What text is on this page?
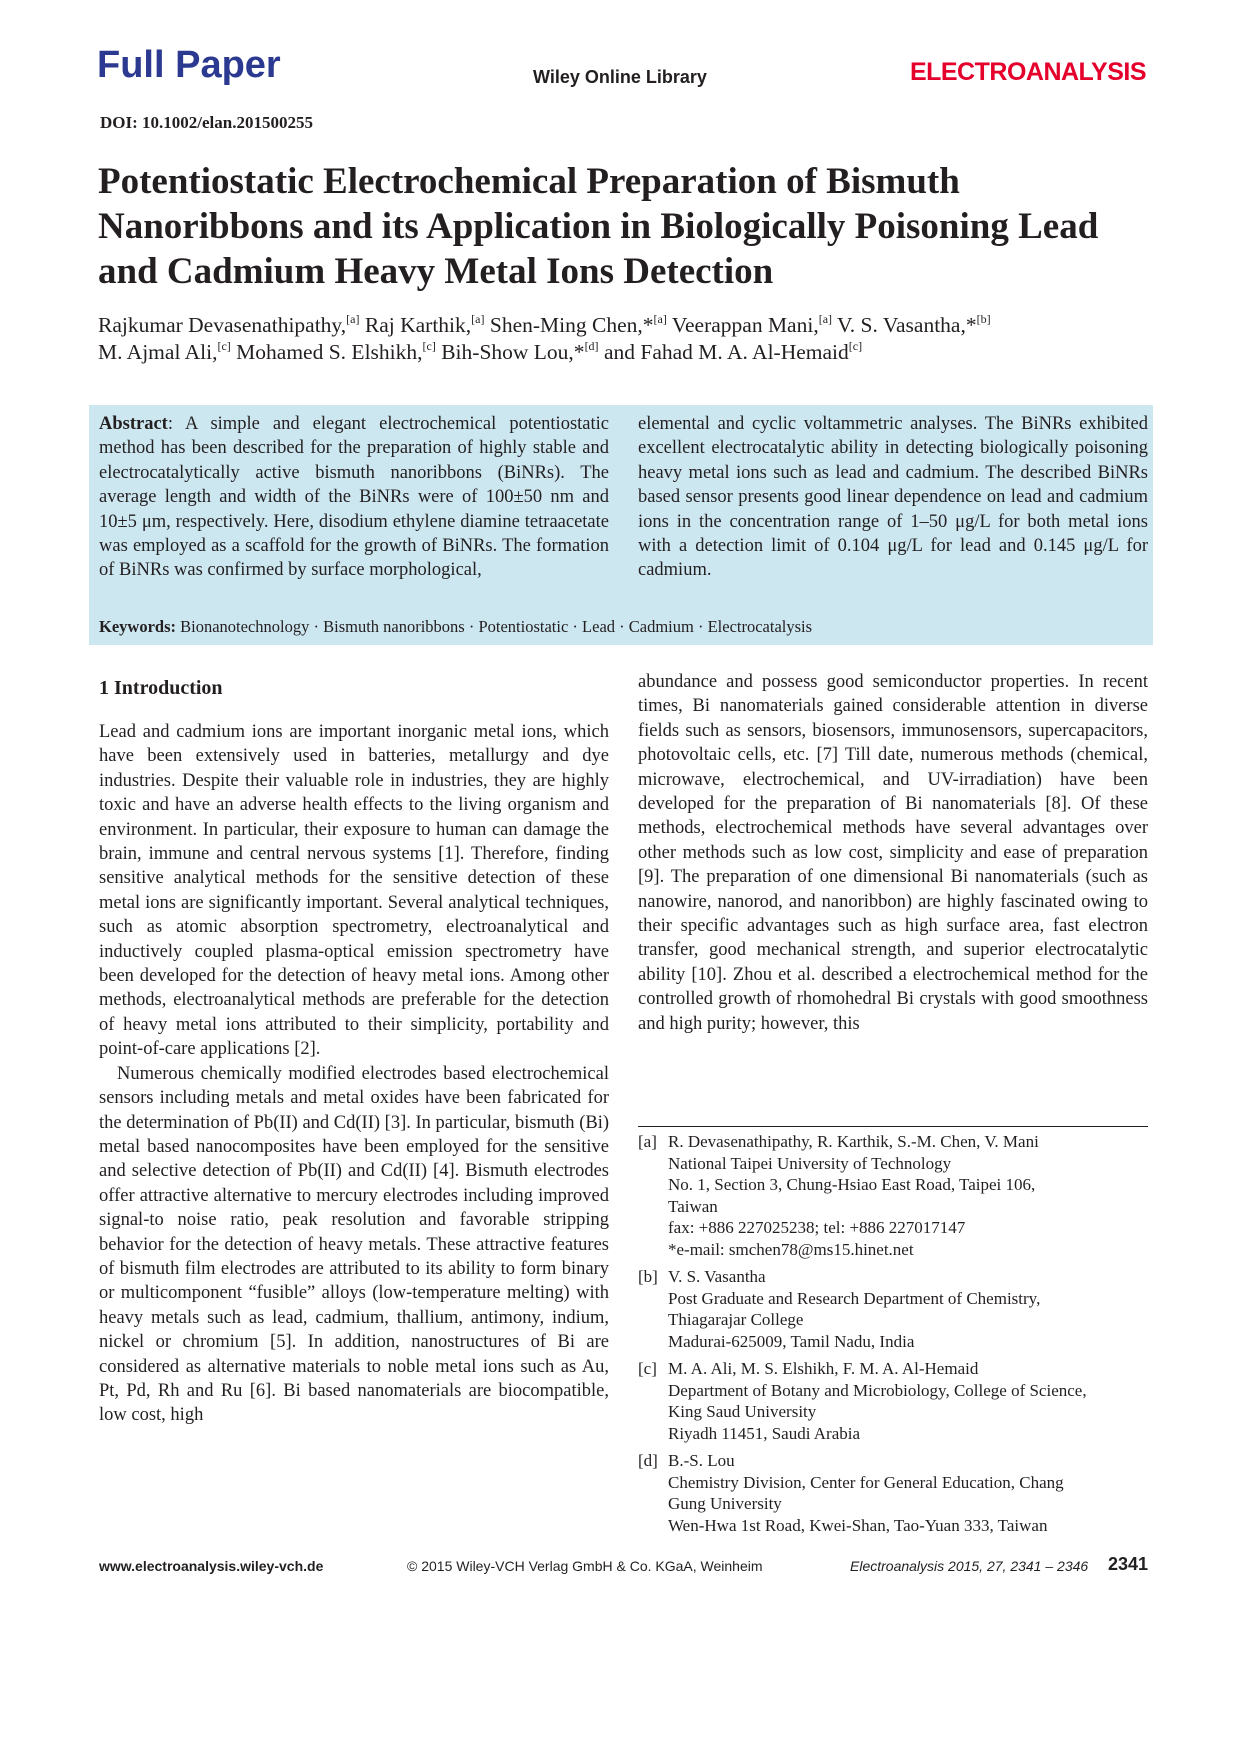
Full Paper	Wiley Online Library	ELECTROANALYSIS
DOI: 10.1002/elan.201500255
Potentiostatic Electrochemical Preparation of Bismuth Nanoribbons and its Application in Biologically Poisoning Lead and Cadmium Heavy Metal Ions Detection
Rajkumar Devasenathipathy,[a] Raj Karthik,[a] Shen-Ming Chen,*[a] Veerappan Mani,[a] V. S. Vasantha,*[b]
M. Ajmal Ali,[c] Mohamed S. Elshikh,[c] Bih-Show Lou,*[d] and Fahad M. A. Al-Hemaid[c]
Abstract: A simple and elegant electrochemical potentiostatic method has been described for the preparation of highly stable and electrocatalytically active bismuth nanoribbons (BiNRs). The average length and width of the BiNRs were of 100±50 nm and 10±5 μm, respectively. Here, disodium ethylene diamine tetraacetate was employed as a scaffold for the growth of BiNRs. The formation of BiNRs was confirmed by surface morphological,
elemental and cyclic voltammetric analyses. The BiNRs exhibited excellent electrocatalytic ability in detecting biologically poisoning heavy metal ions such as lead and cadmium. The described BiNRs based sensor presents good linear dependence on lead and cadmium ions in the concentration range of 1–50 μg/L for both metal ions with a detection limit of 0.104 μg/L for lead and 0.145 μg/L for cadmium.
Keywords: Bionanotechnology · Bismuth nanoribbons · Potentiostatic · Lead · Cadmium · Electrocatalysis
1 Introduction

Lead and cadmium ions are important inorganic metal ions, which have been extensively used in batteries, metallurgy and dye industries. Despite their valuable role in industries, they are highly toxic and have an adverse health effects to the living organism and environment. In particular, their exposure to human can damage the brain, immune and central nervous systems [1]. Therefore, finding sensitive analytical methods for the sensitive detection of these metal ions are significantly important. Several analytical techniques, such as atomic absorption spectrometry, electroanalytical and inductively coupled plasma-optical emission spectrometry have been developed for the detection of heavy metal ions. Among other methods, electroanalytical methods are preferable for the detection of heavy metal ions attributed to their simplicity, portability and point-of-care applications [2].

Numerous chemically modified electrodes based electrochemical sensors including metals and metal oxides have been fabricated for the determination of Pb(II) and Cd(II) [3]. In particular, bismuth (Bi) metal based nanocomposites have been employed for the sensitive and selective detection of Pb(II) and Cd(II) [4]. Bismuth electrodes offer attractive alternative to mercury electrodes including improved signal-to noise ratio, peak resolution and favorable stripping behavior for the detection of heavy metals. These attractive features of bismuth film electrodes are attributed to its ability to form binary or multicomponent “fusible” alloys (low-temperature melting) with heavy metals such as lead, cadmium, thallium, antimony, indium, nickel or chromium [5]. In addition, nanostructures of Bi are considered as alternative materials to noble metal ions such as Au, Pt, Pd, Rh and Ru [6]. Bi based nanomaterials are biocompatible, low cost, high

abundance and possess good semiconductor properties. In recent times, Bi nanomaterials gained considerable attention in diverse fields such as sensors, biosensors, immunosensors, supercapacitors, photovoltaic cells, etc. [7] Till date, numerous methods (chemical, microwave, electrochemical, and UV-irradiation) have been developed for the preparation of Bi nanomaterials [8]. Of these methods, electrochemical methods have several advantages over other methods such as low cost, simplicity and ease of preparation [9]. The preparation of one dimensional Bi nanomaterials (such as nanowire, nanorod, and nanoribbon) are highly fascinated owing to their specific advantages such as high surface area, fast electron transfer, good mechanical strength, and superior electrocatalytic ability [10]. Zhou et al. described a electrochemical method for the controlled growth of rhomohedral Bi crystals with good smoothness and high purity; however, this

[a] R. Devasenathipathy, R. Karthik, S.-M. Chen, V. Mani
National Taipei University of Technology
No. 1, Section 3, Chung-Hsiao East Road, Taipei 106,
Taiwan
fax: +886 227025238; tel: +886 227017147
*e-mail: smchen78@ms15.hinet.net
[b] V. S. Vasantha
Post Graduate and Research Department of Chemistry,
Thiagarajar College
Madurai-625009, Tamil Nadu, India
[c] M. A. Ali, M. S. Elshikh, F. M. A. Al-Hemaid
Department of Botany and Microbiology, College of Science,
King Saud University
Riyadh 11451, Saudi Arabia
[d] B.-S. Lou
Chemistry Division, Center for General Education, Chang
Gung University
Wen-Hwa 1st Road, Kwei-Shan, Tao-Yuan 333, Taiwan
www.electroanalysis.wiley-vch.de	© 2015 Wiley-VCH Verlag GmbH & Co. KGaA, Weinheim	Electroanalysis 2015, 27, 2341 – 2346 2341
